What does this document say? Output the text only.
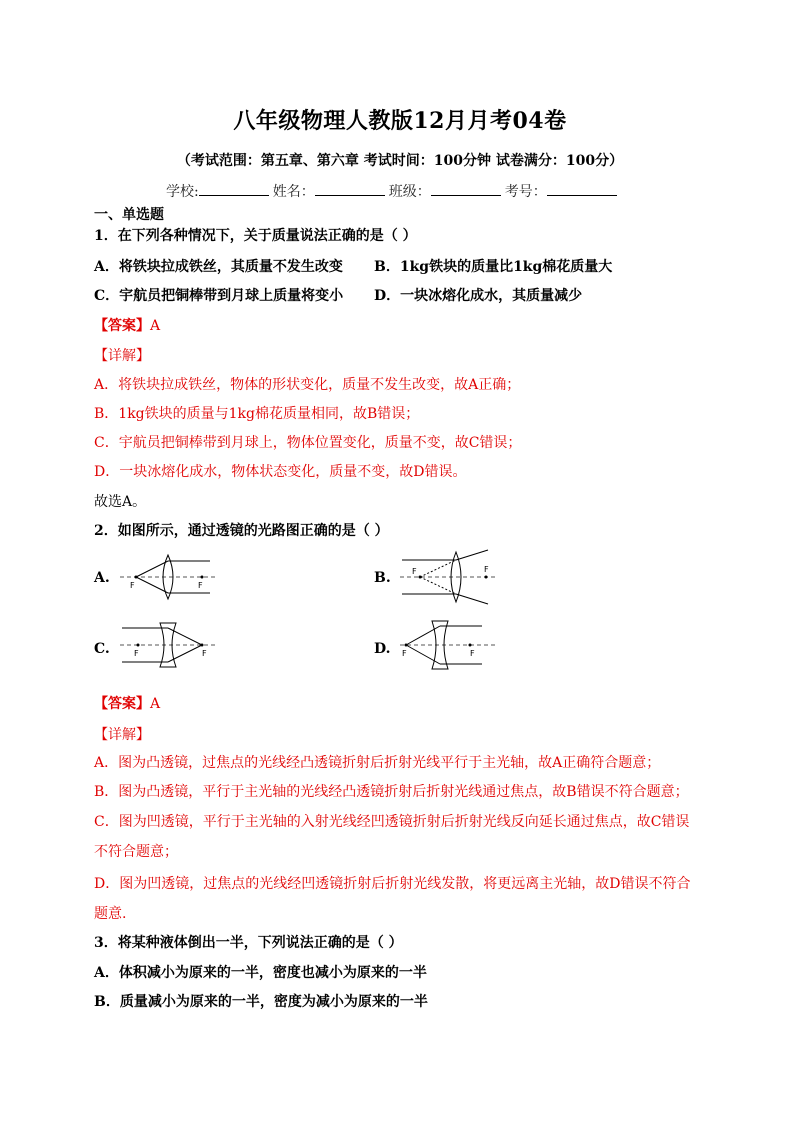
八年级物理人教版12月月考04卷
（考试范围：第五章、第六章 考试时间：100分钟 试卷满分：100分）
学校:	姓名：	班级：	考号：
一、单选题
1．在下列各种情况下，关于质量说法正确的是（ ）
A．将铁块拉成铁丝，其质量不发生改变 B．1kg铁块的质量比1kg棉花质量大
C．宇航员把铜棒带到月球上质量将变小 D．一块冰熔化成水，其质量减少
【答案】A
【详解】
A．将铁块拉成铁丝，物体的形状变化，质量不发生改变，故A正确；
B．1kg铁块的质量与1kg棉花质量相同，故B错误；
C．宇航员把铜棒带到月球上，物体位置变化，质量不变，故C错误；
D．一块冰熔化成水，物体状态变化，质量不变，故D错误。
故选A。
2．如图所示，通过透镜的光路图正确的是（ ）
A.	F	F	B.	F	F
C.	F	F	D. F	F
【答案】A
【详解】
A．图为凸透镜，过焦点的光线经凸透镜折射后折射光线平行于主光轴，故A正确符合题意；
B．图为凸透镜，平行于主光轴的光线经凸透镜折射后折射光线通过焦点，故B错误不符合题意；
C．图为凹透镜，平行于主光轴的入射光线经凹透镜折射后折射光线反向延长通过焦点，故C错误
不符合题意；
D．图为凹透镜，过焦点的光线经凹透镜折射后折射光线发散，将更远离主光轴，故D错误不符合
题意.
3．将某种液体倒出一半，下列说法正确的是（ ）
A．体积减小为原来的一半，密度也减小为原来的一半
B．质量减小为原来的一半，密度为减小为原来的一半
